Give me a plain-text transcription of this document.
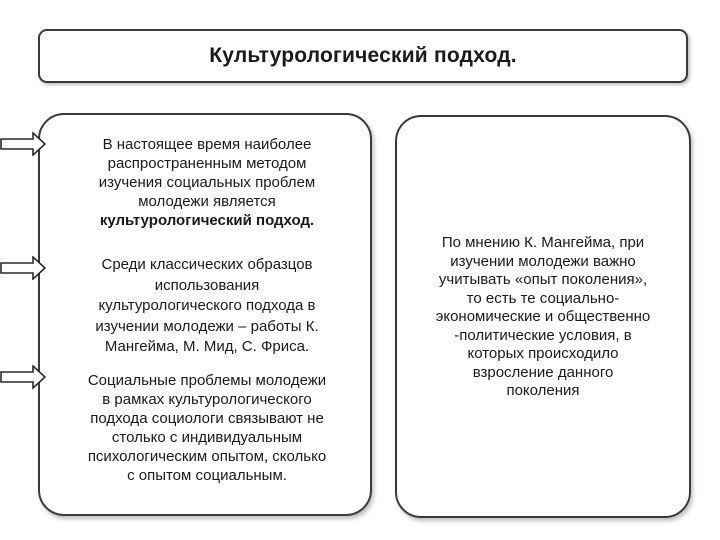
Культурологический подход.
В настоящее время наиболее
распространенным методом
изучения социальных проблем
молодежи является
культурологический подход.
Среди классических образцов
использования
культурологического подхода в
изучении молодежи – работы К.
Мангейма, М. Мид, С. Фриса.
Социальные проблемы молодежи
в рамках культурологического
подхода социологи связывают не
столько с индивидуальным
психологическим опытом, сколько
с опытом социальным.
По мнению К. Мангейма, при
изучении молодежи важно
учитывать «опыт поколения»,
то есть те социально-
экономические и общественно
-политические условия, в
которых происходило
взросление данного
поколения
